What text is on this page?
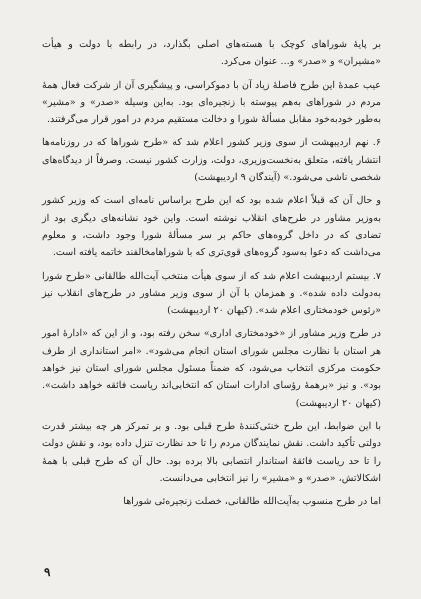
بر پایهٔ شوراهای کوچک با هسته‌های اصلی بگذارد، در رابطه با دولت و هیأت «مشیران» و «صدر» و... عنوان می‌کرد.

عیب عمدهٔ این طرح فاصلهٔ زیاد آن با دموکراسی، و پیشگیری آن از شرکت فعال همهٔ مردم در شوراهای به‌هم پیوسته با زنجیره‌ای بود. به‌این وسیله «صدر» و «مشیر» به‌طور خودبه‌خود مقابل مسألهٔ شورا و دخالت مستقیم مردم در امور قرار می‌گرفتند.

۶. نهم اردیبهشت از سوی وزیر کشور اعلام شد که «طرح شوراها که در روزنامه‌ها انتشار یافته، متعلق به‌نخست‌وزیری، دولت، وزارت کشور نیست. وصرفاً از دیدگاه‌های شخصی ناشی می‌شود.» (آیندگان ۹ اردیبهشت)

و حال آن که قبلاً اعلام شده بود که این طرح براساس نامه‌ای است که وزیر کشور به‌وزیر مشاور در طرح‌های انقلاب نوشته است. واین خود نشانه‌های دیگری بود از تضادی که در داخل گروه‌های حاکم بر سر مسألهٔ شورا وجود داشت، و معلوم می‌داشت که دعوا به‌سود گروه‌های قوی‌تری که با شوراهامخالفند خاتمه یافته است.

۷. بیستم اردیبهشت اعلام شد که از سوی هیأت منتخب آیت‌الله طالقانی «طرح شورا به‌دولت داده شده». و همزمان با آن از سوی وزیر مشاور در طرح‌های انقلاب نیز «رئوس خودمختاری اعلام شد». (کیهان ۲۰ اردیبهشت)

در طرح وزیر مشاور از «خودمختاری اداری» سخن رفته بود، و از این که «ادارهٔ امور هر استان با نظارت مجلس شورای استان انجام می‌شود». «امر استانداری از طرف حکومت مرکزی انتخاب می‌شود، که ضمناً مسئول مجلس شورای استان نیز خواهد بود». و نیز «برهمهٔ رؤسای ادارات استان که انتخابی‌اند ریاست فائقه خواهد داشت».(کیهان ۲۰ اردیبهشت)

با این ضوابط، این طرح خنثی‌کنندهٔ طرح قبلی بود. و بر تمرکز هر چه بیشتر قدرت دولتی تأکید داشت. نقش نمایندگان مردم را تا حد نظارت تنزل داده بود، و نقش دولت را تا حد ریاست فائقهٔ استاندار انتصابی بالا برده بود. حال آن که طرح قبلی با همهٔ اشکالاتش، «صدر» و «مشیر» را نیز انتخابی می‌دانست.

اما در طرح منسوب به‌آیت‌الله طالقانی، خصلت زنجیره‌ئی شوراها

۹
